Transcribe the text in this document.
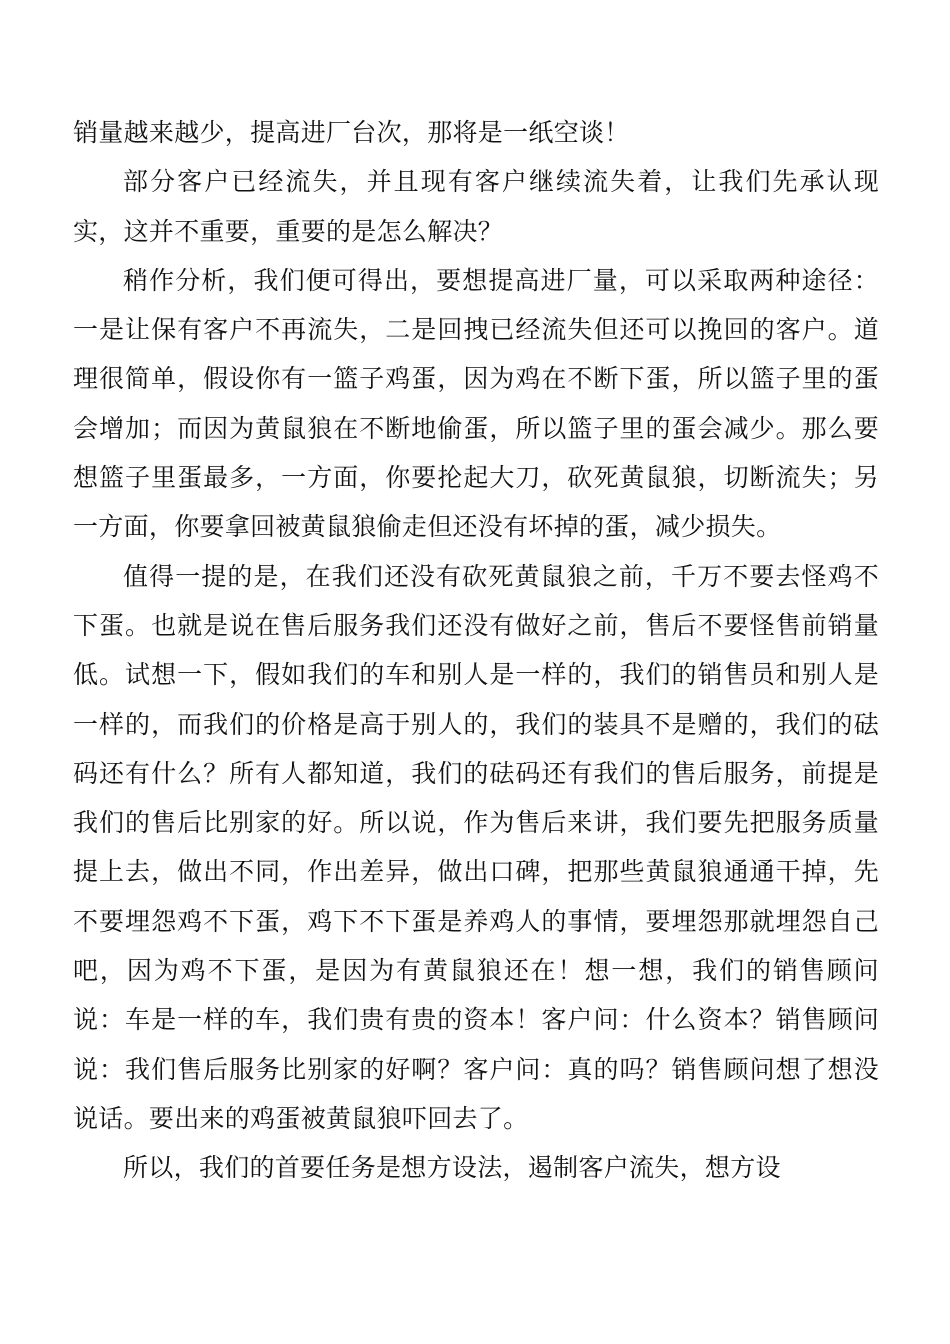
销量越来越少，提高进厂台次，那将是一纸空谈！

部分客户已经流失，并且现有客户继续流失着，让我们先承认现实，这并不重要，重要的是怎么解决？

稍作分析，我们便可得出，要想提高进厂量，可以采取两种途径：一是让保有客户不再流失，二是回拽已经流失但还可以挽回的客户。道理很简单，假设你有一篮子鸡蛋，因为鸡在不断下蛋，所以篮子里的蛋会增加；而因为黄鼠狼在不断地偷蛋，所以篮子里的蛋会减少。那么要想篮子里蛋最多，一方面，你要抡起大刀，砍死黄鼠狼，切断流失；另一方面，你要拿回被黄鼠狼偷走但还没有坏掉的蛋，减少损失。

值得一提的是，在我们还没有砍死黄鼠狼之前，千万不要去怪鸡不下蛋。也就是说在售后服务我们还没有做好之前，售后不要怪售前销量低。试想一下，假如我们的车和别人是一样的，我们的销售员和别人是一样的，而我们的价格是高于别人的，我们的装具不是赠的，我们的砝码还有什么？所有人都知道，我们的砝码还有我们的售后服务，前提是我们的售后比别家的好。所以说，作为售后来讲，我们要先把服务质量提上去，做出不同，作出差异，做出口碑，把那些黄鼠狼通通干掉，先不要埋怨鸡不下蛋，鸡下不下蛋是养鸡人的事情，要埋怨那就埋怨自己吧，因为鸡不下蛋，是因为有黄鼠狼还在！想一想，我们的销售顾问说：车是一样的车，我们贵有贵的资本！客户问：什么资本？销售顾问说：我们售后服务比别家的好啊？客户问：真的吗？销售顾问想了想没说话。要出来的鸡蛋被黄鼠狼吓回去了。

所以，我们的首要任务是想方设法，遏制客户流失，想方设
